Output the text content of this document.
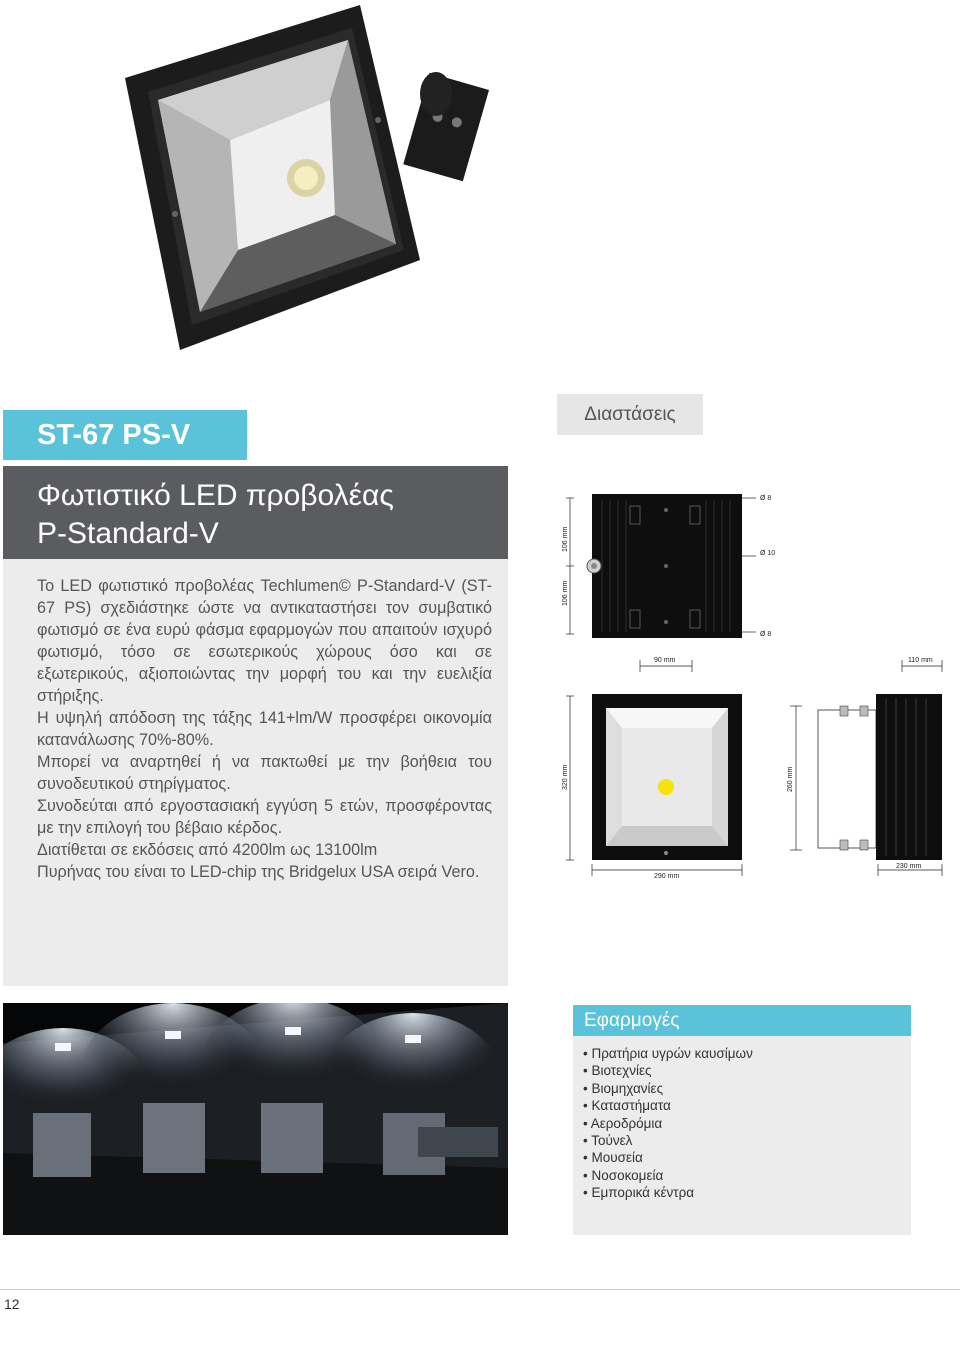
ST-67 PS-V
Φωτιστικό LED προβολέας
P-Standard-V

Το LED φωτιστικό προβολέας Techlumen© P-Standard-V (ST-67 PS) σχεδιάστηκε ώστε να αντικαταστήσει τον συμβατικό φωτισμό σε ένα ευρύ φάσμα εφαρμογών που απαιτούν ισχυρό φωτισμό, τόσο σε εσωτερικούς χώρους όσο και σε εξωτερικούς, αξιοποιώντας την μορφή του και την ευελιξία στήριξης.

Η υψηλή απόδοση της τάξης 141+lm/W προσφέρει οικονομία κατανάλωσης 70%-80%.

Μπορεί να αναρτηθεί ή να πακτωθεί με την βοήθεια του συνοδευτικού στηρίγματος.

Συνοδεύται από εργοστασιακή εγγύση 5 ετών, προσφέροντας με την επιλογή του βέβαιο κέρδος.

Διατίθεται σε εκδόσεις από 4200lm ως 13100lm

Πυρήνας του είναι το LED-chip της Bridgelux USA σειρά Vero.

Διαστάσεις
Ø 8
Ø 10
Ø 8
106 mm
106 mm
90 mm	110 mm
320 mm
290 mm
260 mm
230 mm
Εφαρμογές
• Πρατήρια υγρών καυσίμων
• Βιοτεχνίες
• Βιομηχανίες
• Καταστήματα
• Αεροδρόμια
• Τούνελ
• Μουσεία
• Νοσοκομεία
• Εμπορικά κέντρα
12
